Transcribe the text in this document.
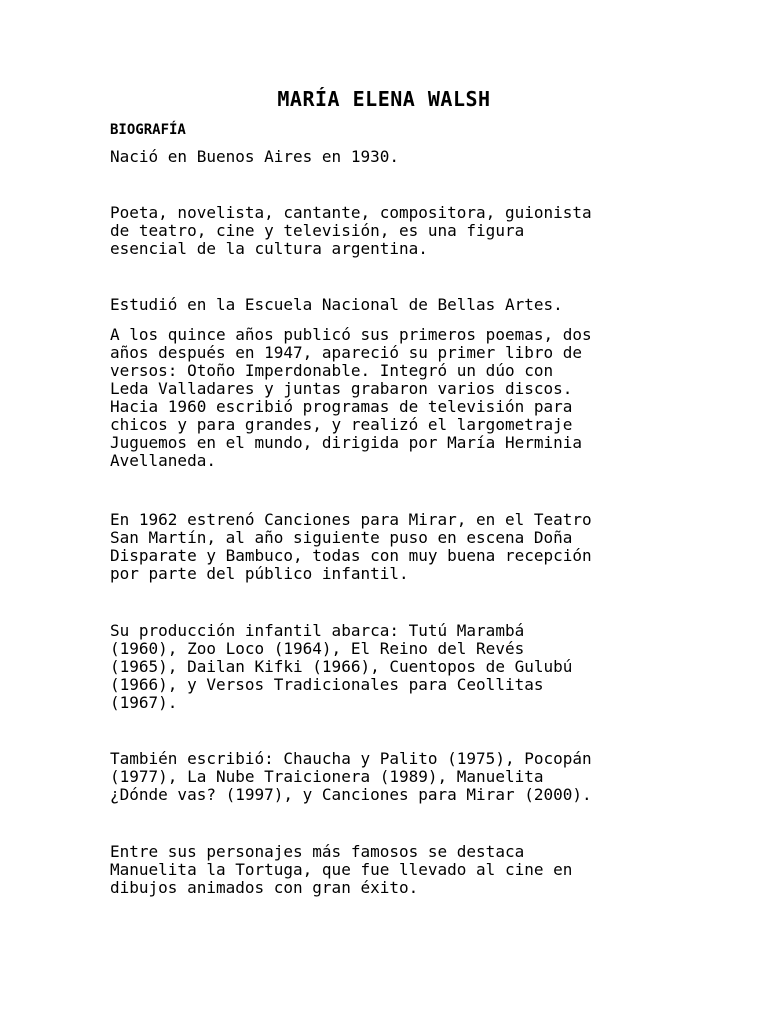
MARÍA ELENA WALSH
BIOGRAFÍA

Nació en Buenos Aires en 1930.

Poeta, novelista, cantante, compositora, guionista
de teatro, cine y televisión, es una figura
esencial de la cultura argentina.

Estudió en la Escuela Nacional de Bellas Artes.

A los quince años publicó sus primeros poemas, dos
años después en 1947, apareció su primer libro de
versos: Otoño Imperdonable. Integró un dúo con
Leda Valladares y juntas grabaron varios discos.
Hacia 1960 escribió programas de televisión para
chicos y para grandes, y realizó el largometraje
Juguemos en el mundo, dirigida por María Herminia
Avellaneda.

En 1962 estrenó Canciones para Mirar, en el Teatro
San Martín, al año siguiente puso en escena Doña
Disparate y Bambuco, todas con muy buena recepción
por parte del público infantil.

Su producción infantil abarca: Tutú Marambá
(1960), Zoo Loco (1964), El Reino del Revés
(1965), Dailan Kifki (1966), Cuentopos de Gulubú
(1966), y Versos Tradicionales para Ceollitas
(1967).

También escribió: Chaucha y Palito (1975), Pocopán
(1977), La Nube Traicionera (1989), Manuelita
¿Dónde vas? (1997), y Canciones para Mirar (2000).

Entre sus personajes más famosos se destaca
Manuelita la Tortuga, que fue llevado al cine en
dibujos animados con gran éxito.
